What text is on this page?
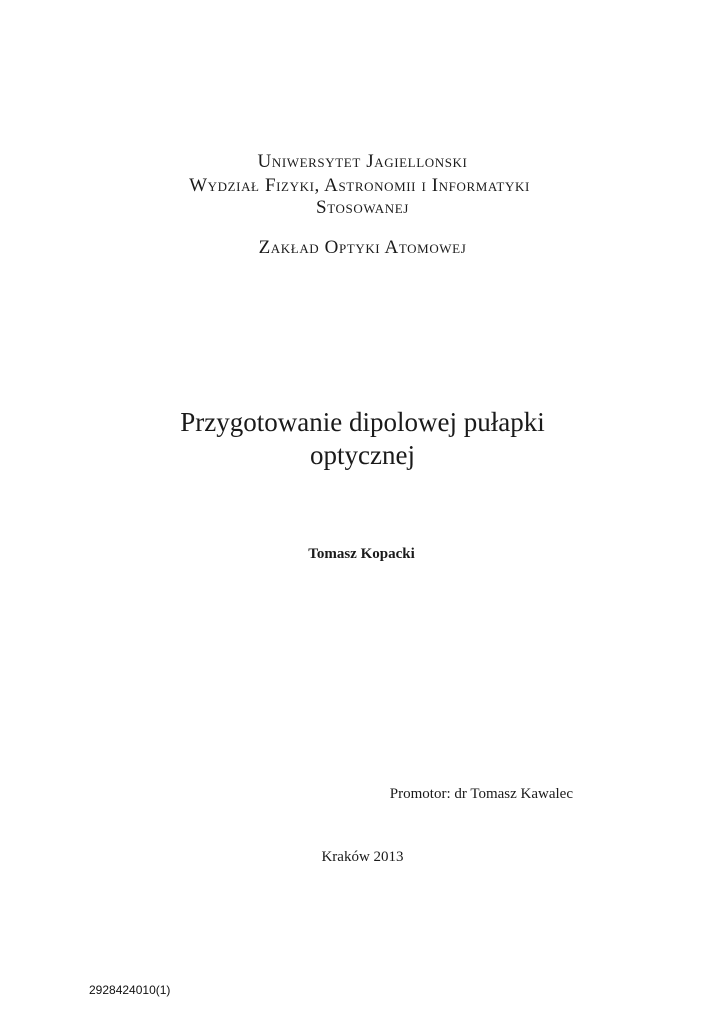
Uniwersytet Jagiellonski
Wydział Fizyki, Astronomii i Informatyki
Stosowanej
Zakład Optyki Atomowej
Przygotowanie dipolowej pułapki
optycznej
Tomasz Kopacki
Promotor: dr Tomasz Kawalec
Kraków 2013
2928424010(1)
